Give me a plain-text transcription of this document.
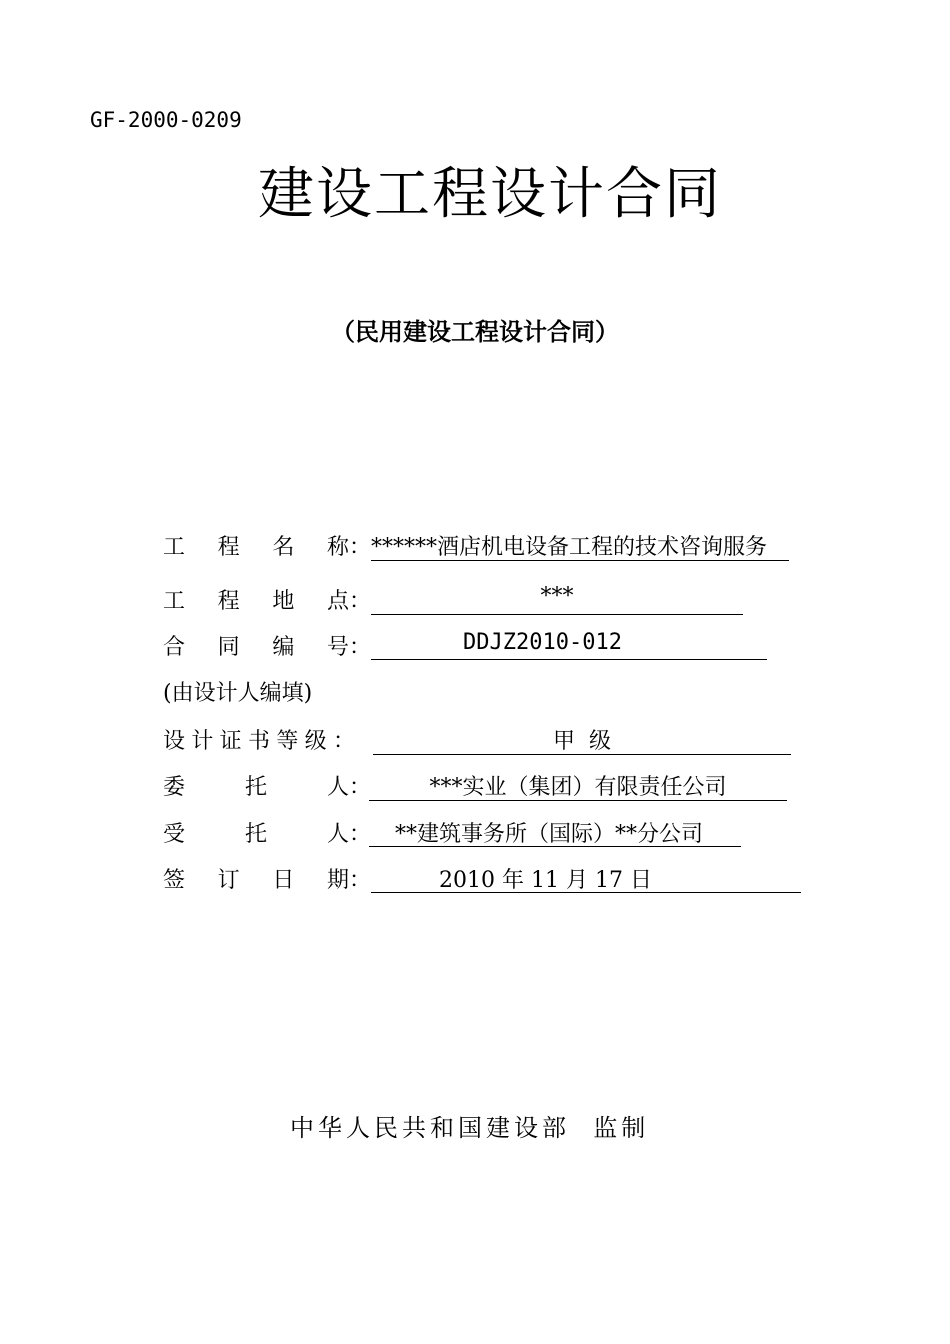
GF-2000-0209
建设工程设计合同
（民用建设工程设计合同）
工 程 名 称： ******酒店机电设备工程的技术咨询服务
工 程 地 点：	***
合 同 编 号：	DDJZ2010-012
(由设计人编填)
设 计 证 书 等 级 ：	甲  级
委	托	人：	***实业（集团）有限责任公司
受	托	人：	**建筑事务所（国际）**分公司
签 订 日 期：	2010 年 11 月 17 日
中华人民共和国建设部  监制
